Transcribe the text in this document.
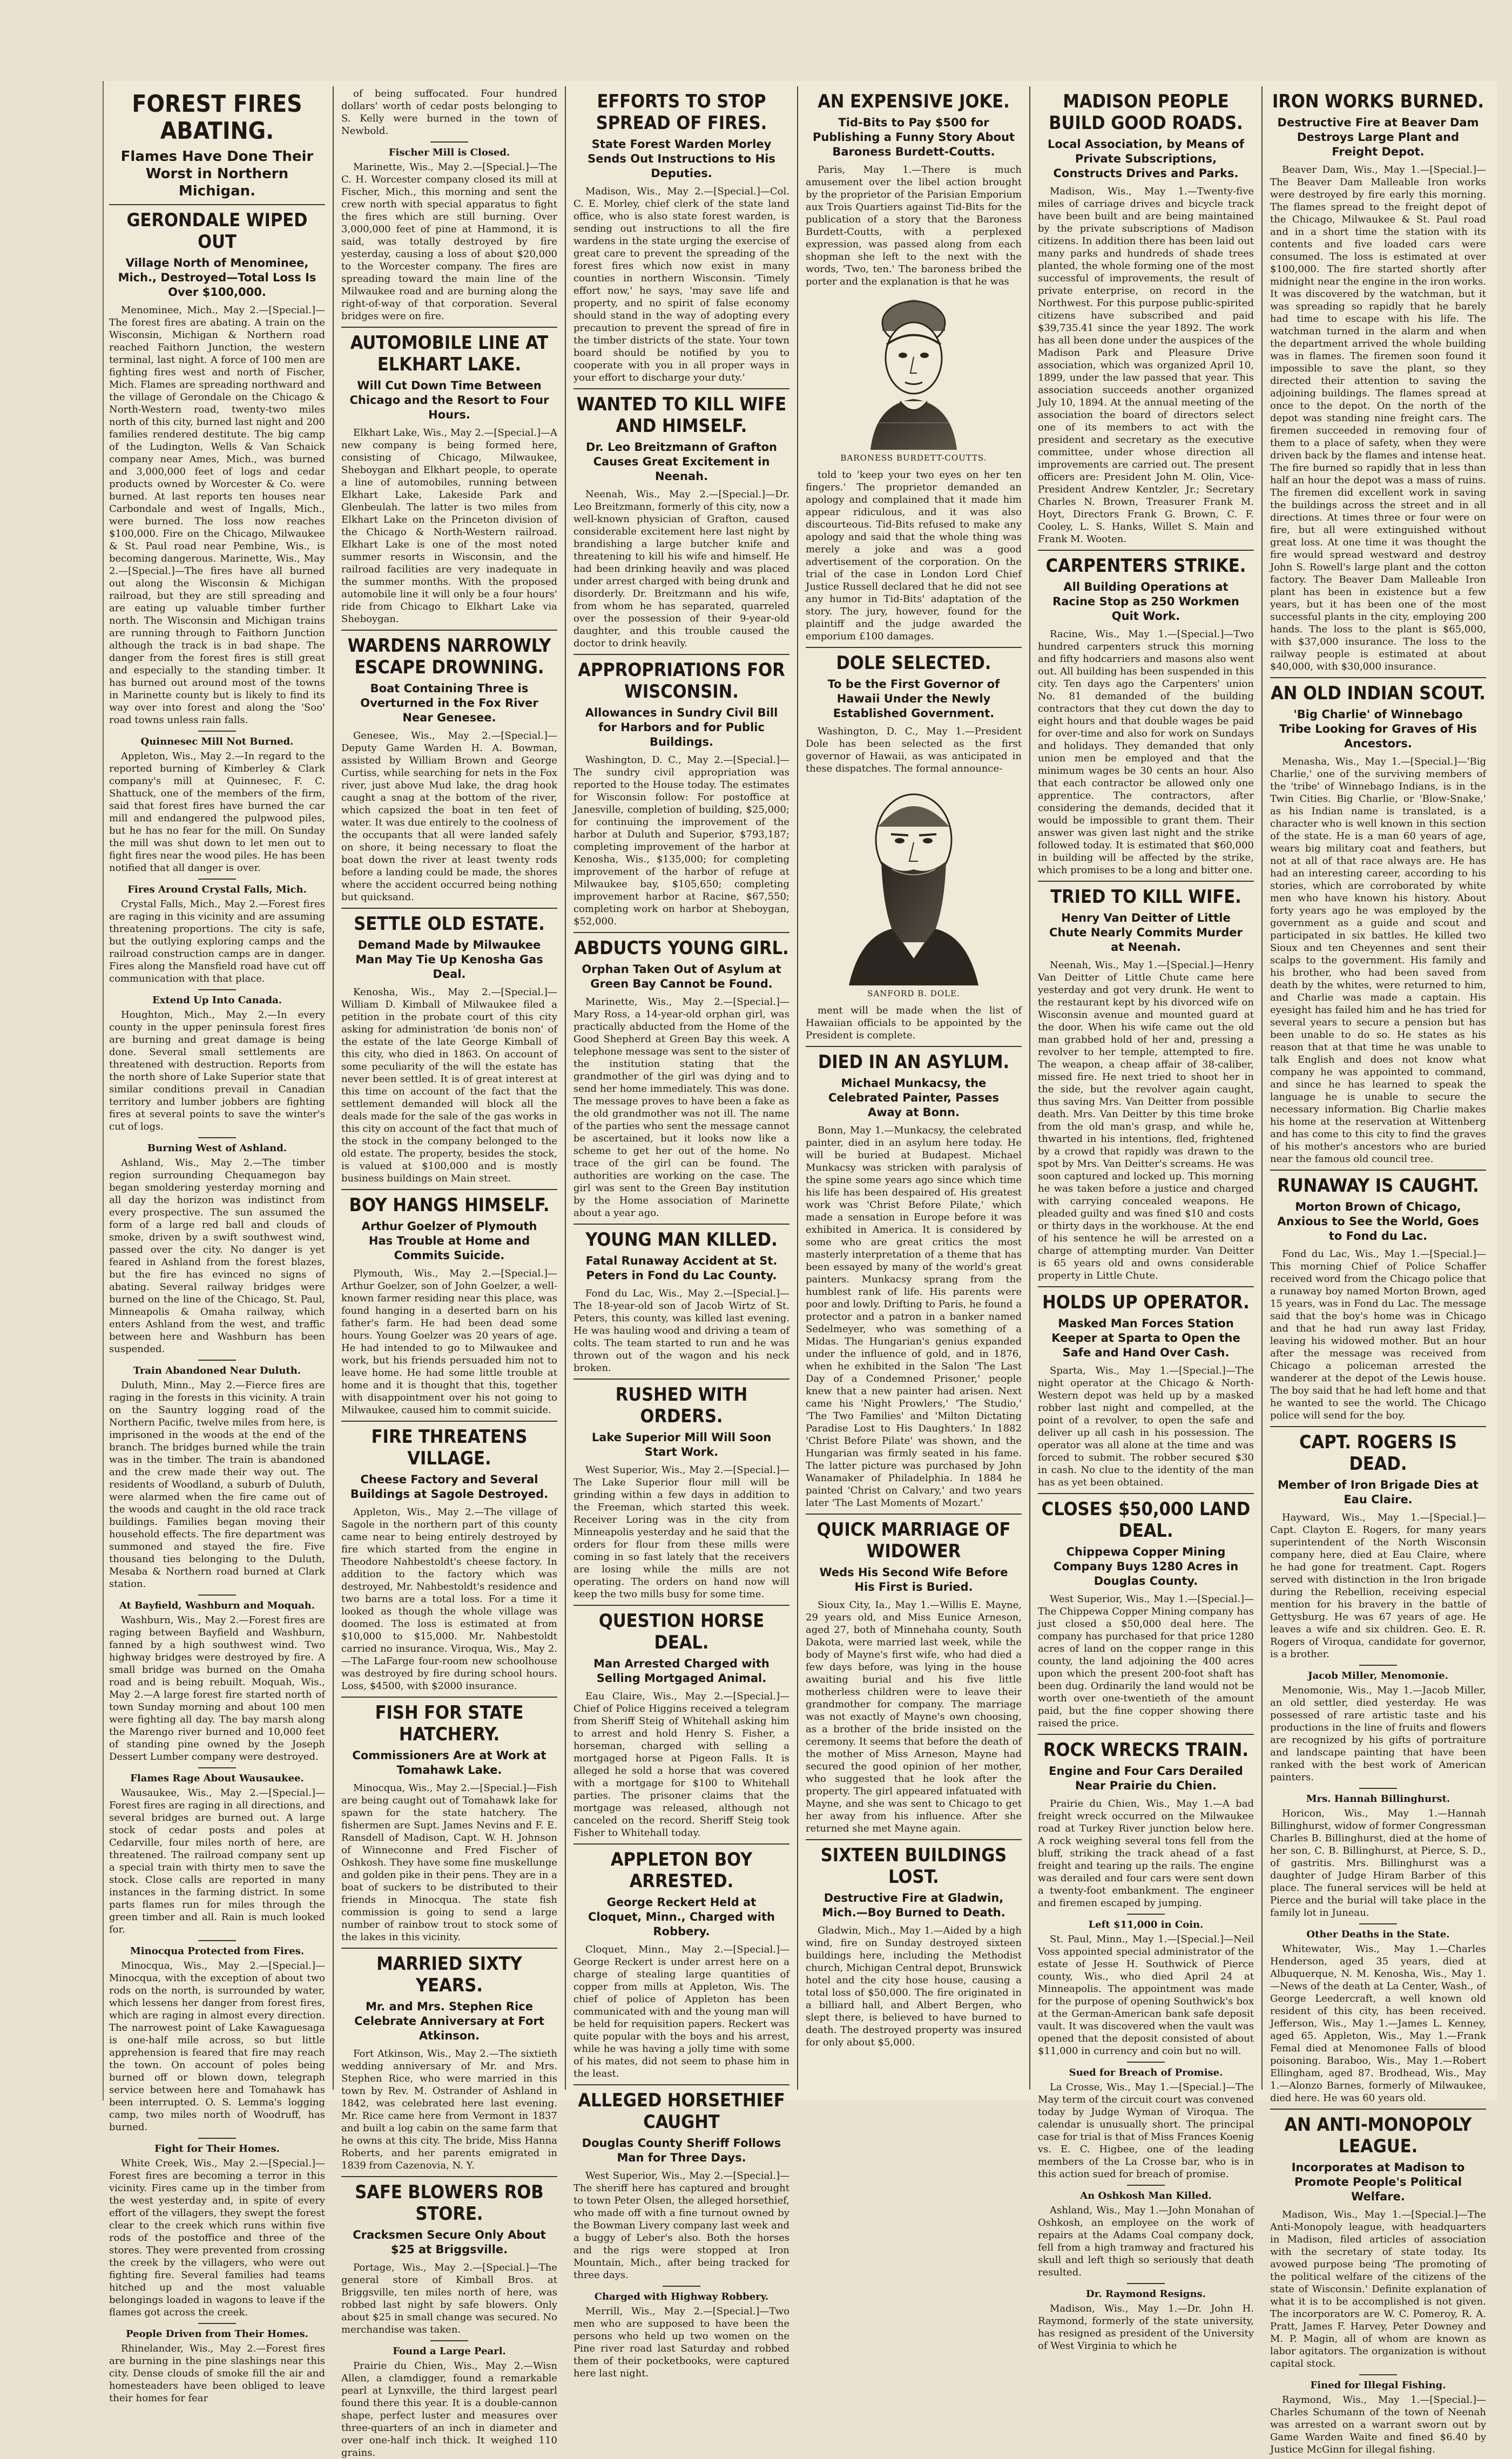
FOREST FIRES ABATING.
Flames Have Done Their Worst in Northern Michigan.
GERONDALE WIPED OUT
Village North of Menominee, Mich., Destroyed—Total Loss Is Over $100,000.

Menominee, Mich., May 2.—[Special.]—The forest fires are abating. A train on the Wisconsin, Michigan & Northern road reached Faithorn Junction, the western terminal, last night. A force of 100 men are fighting fires west and north of Fischer, Mich. Flames are spreading northward and the village of Gerondale on the Chicago & North-Western road, twenty-two miles north of this city, burned last night and 200 families rendered destitute. The big camp of the Ludington, Wells & Van Schaick company near Ames, Mich., was burned and 3,000,000 feet of logs and cedar products owned by Worcester & Co. were burned. At last reports ten houses near Carbondale and west of Ingalls, Mich., were burned. The loss now reaches $100,000. Fire on the Chicago, Milwaukee & St. Paul road near Pembine, Wis., is becoming dangerous. Marinette, Wis., May 2.—[Special.]—The fires have all burned out along the Wisconsin & Michigan railroad, but they are still spreading and are eating up valuable timber further north. The Wisconsin and Michigan trains are running through to Faithorn Junction although the track is in bad shape. The danger from the forest fires is still great and especially to the standing timber. It has burned out around most of the towns in Marinette county but is likely to find its way over into forest and along the 'Soo' road towns unless rain falls.

Quinnesec Mill Not Burned.

Appleton, Wis., May 2.—In regard to the reported burning of Kimberley & Clark company's mill at Quinnesec, F. C. Shattuck, one of the members of the firm, said that forest fires have burned the car mill and endangered the pulpwood piles, but he has no fear for the mill. On Sunday the mill was shut down to let men out to fight fires near the wood piles. He has been notified that all danger is over.

Fires Around Crystal Falls, Mich.

Crystal Falls, Mich., May 2.—Forest fires are raging in this vicinity and are assuming threatening proportions. The city is safe, but the outlying exploring camps and the railroad construction camps are in danger. Fires along the Mansfield road have cut off communication with that place.

Extend Up Into Canada.

Houghton, Mich., May 2.—In every county in the upper peninsula forest fires are burning and great damage is being done. Several small settlements are threatened with destruction. Reports from the north shore of Lake Superior state that similar conditions prevail in Canadian territory and lumber jobbers are fighting fires at several points to save the winter's cut of logs.

Burning West of Ashland.

Ashland, Wis., May 2.—The timber region surrounding Chequamegon bay began smoldering yesterday morning and all day the horizon was indistinct from every prospective. The sun assumed the form of a large red ball and clouds of smoke, driven by a swift southwest wind, passed over the city. No danger is yet feared in Ashland from the forest blazes, but the fire has evinced no signs of abating. Several railway bridges were burned on the line of the Chicago, St. Paul, Minneapolis & Omaha railway, which enters Ashland from the west, and traffic between here and Washburn has been suspended.

Train Abandoned Near Duluth.

Duluth, Minn., May 2.—Fierce fires are raging in the forests in this vicinity. A train on the Sauntry logging road of the Northern Pacific, twelve miles from here, is imprisoned in the woods at the end of the branch. The bridges burned while the train was in the timber. The train is abandoned and the crew made their way out. The residents of Woodland, a suburb of Duluth, were alarmed when the fire came out of the woods and caught in the old race track buildings. Families began moving their household effects. The fire department was summoned and stayed the fire. Five thousand ties belonging to the Duluth, Mesaba & Northern road burned at Clark station.

At Bayfield, Washburn and Moquah.

Washburn, Wis., May 2.—Forest fires are raging between Bayfield and Washburn, fanned by a high southwest wind. Two highway bridges were destroyed by fire. A small bridge was burned on the Omaha road and is being rebuilt. Moquah, Wis., May 2.—A large forest fire started north of town Sunday morning and about 100 men were fighting all day. The bay marsh along the Marengo river burned and 10,000 feet of standing pine owned by the Joseph Dessert Lumber company were destroyed.

Flames Rage About Wausaukee.

Wausaukee, Wis., May 2.—[Special.]—Forest fires are raging in all directions, and several bridges are burned out. A large stock of cedar posts and poles at Cedarville, four miles north of here, are threatened. The railroad company sent up a special train with thirty men to save the stock. Close calls are reported in many instances in the farming district. In some parts flames run for miles through the green timber and all. Rain is much looked for.

Minocqua Protected from Fires.

Minocqua, Wis., May 2.—[Special.]—Minocqua, with the exception of about two rods on the north, is surrounded by water, which lessens her danger from forest fires, which are raging in almost every direction. The narrowest point of Lake Kawaguesaga is one-half mile across, so but little apprehension is feared that fire may reach the town. On account of poles being burned off or blown down, telegraph service between here and Tomahawk has been interrupted. O. S. Lemma's logging camp, two miles north of Woodruff, has burned.

Fight for Their Homes.

White Creek, Wis., May 2.—[Special.]—Forest fires are becoming a terror in this vicinity. Fires came up in the timber from the west yesterday and, in spite of every effort of the villagers, they swept the forest clear to the creek which runs within five rods of the postoffice and three of the stores. They were prevented from crossing the creek by the villagers, who were out fighting fire. Several families had teams hitched up and the most valuable belongings loaded in wagons to leave if the flames got across the creek.

People Driven from Their Homes.

Rhinelander, Wis., May 2.—Forest fires are burning in the pine slashings near this city. Dense clouds of smoke fill the air and homesteaders have been obliged to leave their homes for fear

of being suffocated. Four hundred dollars' worth of cedar posts belonging to S. Kelly were burned in the town of Newbold.

Fischer Mill is Closed.

Marinette, Wis., May 2.—[Special.]—The C. H. Worcester company closed its mill at Fischer, Mich., this morning and sent the crew north with special apparatus to fight the fires which are still burning. Over 3,000,000 feet of pine at Hammond, it is said, was totally destroyed by fire yesterday, causing a loss of about $20,000 to the Worcester company. The fires are spreading toward the main line of the Milwaukee road and are burning along the right-of-way of that corporation. Several bridges were on fire.

AUTOMOBILE LINE AT ELKHART LAKE.
Will Cut Down Time Between Chicago and the Resort to Four Hours.

Elkhart Lake, Wis., May 2.—[Special.]—A new company is being formed here, consisting of Chicago, Milwaukee, Sheboygan and Elkhart people, to operate a line of automobiles, running between Elkhart Lake, Lakeside Park and Glenbeulah. The latter is two miles from Elkhart Lake on the Princeton division of the Chicago & North-Western railroad. Elkhart Lake is one of the most noted summer resorts in Wisconsin, and the railroad facilities are very inadequate in the summer months. With the proposed automobile line it will only be a four hours' ride from Chicago to Elkhart Lake via Sheboygan.

WARDENS NARROWLY ESCAPE DROWNING.
Boat Containing Three is Overturned in the Fox River Near Genesee.

Genesee, Wis., May 2.—[Special.]—Deputy Game Warden H. A. Bowman, assisted by William Brown and George Curtiss, while searching for nets in the Fox river, just above Mud lake, the drag hook caught a snag at the bottom of the river, which capsized the boat in ten feet of water. It was due entirely to the coolness of the occupants that all were landed safely on shore, it being necessary to float the boat down the river at least twenty rods before a landing could be made, the shores where the accident occurred being nothing but quicksand.

SETTLE OLD ESTATE.
Demand Made by Milwaukee Man May Tie Up Kenosha Gas Deal.

Kenosha, Wis., May 2.—[Special.]—William D. Kimball of Milwaukee filed a petition in the probate court of this city asking for administration 'de bonis non' of the estate of the late George Kimball of this city, who died in 1863. On account of some peculiarity of the will the estate has never been settled. It is of great interest at this time on account of the fact that the settlement demanded will block all the deals made for the sale of the gas works in this city on account of the fact that much of the stock in the company belonged to the old estate. The property, besides the stock, is valued at $100,000 and is mostly business buildings on Main street.

BOY HANGS HIMSELF.
Arthur Goelzer of Plymouth Has Trouble at Home and Commits Suicide.

Plymouth, Wis., May 2.—[Special.]—Arthur Goelzer, son of John Goelzer, a well-known farmer residing near this place, was found hanging in a deserted barn on his father's farm. He had been dead some hours. Young Goelzer was 20 years of age. He had intended to go to Milwaukee and work, but his friends persuaded him not to leave home. He had some little trouble at home and it is thought that this, together with disappointment over his not going to Milwaukee, caused him to commit suicide.

FIRE THREATENS VILLAGE.
Cheese Factory and Several Buildings at Sagole Destroyed.

Appleton, Wis., May 2.—The village of Sagole in the northern part of this county came near to being entirely destroyed by fire which started from the engine in Theodore Nahbestoldt's cheese factory. In addition to the factory which was destroyed, Mr. Nahbestoldt's residence and two barns are a total loss. For a time it looked as though the whole village was doomed. The loss is estimated at from $10,000 to $15,000. Mr. Nahbestoldt carried no insurance. Viroqua, Wis., May 2.—The LaFarge four-room new schoolhouse was destroyed by fire during school hours. Loss, $4500, with $2000 insurance.

FISH FOR STATE HATCHERY.
Commissioners Are at Work at Tomahawk Lake.

Minocqua, Wis., May 2.—[Special.]—Fish are being caught out of Tomahawk lake for spawn for the state hatchery. The fishermen are Supt. James Nevins and F. E. Ransdell of Madison, Capt. W. H. Johnson of Winneconne and Fred Fischer of Oshkosh. They have some fine muskellunge and golden pike in their pens. They are in a boat of suckers to be distributed to their friends in Minocqua. The state fish commission is going to send a large number of rainbow trout to stock some of the lakes in this vicinity.

MARRIED SIXTY YEARS.
Mr. and Mrs. Stephen Rice Celebrate Anniversary at Fort Atkinson.

Fort Atkinson, Wis., May 2.—The sixtieth wedding anniversary of Mr. and Mrs. Stephen Rice, who were married in this town by Rev. M. Ostrander of Ashland in 1842, was celebrated here last evening. Mr. Rice came here from Vermont in 1837 and built a log cabin on the same farm that he owns at this city. The bride, Miss Hanna Roberts, and her parents emigrated in 1839 from Cazenovia, N. Y.

SAFE BLOWERS ROB STORE.
Cracksmen Secure Only About $25 at Briggsville.

Portage, Wis., May 2.—[Special.]—The general store of Kimball Bros. at Briggsville, ten miles north of here, was robbed last night by safe blowers. Only about $25 in small change was secured. No merchandise was taken.

Found a Large Pearl.

Prairie du Chien, Wis., May 2.—Wisn Allen, a clamdigger, found a remarkable pearl at Lynxville, the third largest pearl found there this year. It is a double-cannon shape, perfect luster and measures over three-quarters of an inch in diameter and over one-half inch thick. It weighed 110 grains.

EFFORTS TO STOP SPREAD OF FIRES.
State Forest Warden Morley Sends Out Instructions to His Deputies.

Madison, Wis., May 2.—[Special.]—Col. C. E. Morley, chief clerk of the state land office, who is also state forest warden, is sending out instructions to all the fire wardens in the state urging the exercise of great care to prevent the spreading of the forest fires which now exist in many counties in northern Wisconsin. 'Timely effort now,' he says, 'may save life and property, and no spirit of false economy should stand in the way of adopting every precaution to prevent the spread of fire in the timber districts of the state. Your town board should be notified by you to cooperate with you in all proper ways in your effort to discharge your duty.'

WANTED TO KILL WIFE AND HIMSELF.
Dr. Leo Breitzmann of Grafton Causes Great Excitement in Neenah.

Neenah, Wis., May 2.—[Special.]—Dr. Leo Breitzmann, formerly of this city, now a well-known physician of Grafton, caused considerable excitement here last night by brandishing a large butcher knife and threatening to kill his wife and himself. He had been drinking heavily and was placed under arrest charged with being drunk and disorderly. Dr. Breitzmann and his wife, from whom he has separated, quarreled over the possession of their 9-year-old daughter, and this trouble caused the doctor to drink heavily.

APPROPRIATIONS FOR WISCONSIN.
Allowances in Sundry Civil Bill for Harbors and for Public Buildings.

Washington, D. C., May 2.—[Special.]—The sundry civil appropriation was reported to the House today. The estimates for Wisconsin follow: For postoffice at Janesville, completion of building, $25,000; for continuing the improvement of the harbor at Duluth and Superior, $793,187; completing improvement of the harbor at Kenosha, Wis., $135,000; for completing improvement of the harbor of refuge at Milwaukee bay, $105,650; completing improvement harbor at Racine, $67,550; completing work on harbor at Sheboygan, $52,000.

ABDUCTS YOUNG GIRL.
Orphan Taken Out of Asylum at Green Bay Cannot be Found.

Marinette, Wis., May 2.—[Special.]—Mary Ross, a 14-year-old orphan girl, was practically abducted from the Home of the Good Shepherd at Green Bay this week. A telephone message was sent to the sister of the institution stating that the grandmother of the girl was dying and to send her home immediately. This was done. The message proves to have been a fake as the old grandmother was not ill. The name of the parties who sent the message cannot be ascertained, but it looks now like a scheme to get her out of the home. No trace of the girl can be found. The authorities are working on the case. The girl was sent to the Green Bay institution by the Home association of Marinette about a year ago.

YOUNG MAN KILLED.
Fatal Runaway Accident at St. Peters in Fond du Lac County.

Fond du Lac, Wis., May 2.—[Special.]—The 18-year-old son of Jacob Wirtz of St. Peters, this county, was killed last evening. He was hauling wood and driving a team of colts. The team started to run and he was thrown out of the wagon and his neck broken.

RUSHED WITH ORDERS.
Lake Superior Mill Will Soon Start Work.

West Superior, Wis., May 2.—[Special.]—The Lake Superior flour mill will be grinding within a few days in addition to the Freeman, which started this week. Receiver Loring was in the city from Minneapolis yesterday and he said that the orders for flour from these mills were coming in so fast lately that the receivers are losing while the mills are not operating. The orders on hand now will keep the two mills busy for some time.

QUESTION HORSE DEAL.
Man Arrested Charged with Selling Mortgaged Animal.

Eau Claire, Wis., May 2.—[Special.]—Chief of Police Higgins received a telegram from Sheriff Steig of Whitehall asking him to arrest and hold Henry S. Fisher, a horseman, charged with selling a mortgaged horse at Pigeon Falls. It is alleged he sold a horse that was covered with a mortgage for $100 to Whitehall parties. The prisoner claims that the mortgage was released, although not canceled on the record. Sheriff Steig took Fisher to Whitehall today.

APPLETON BOY ARRESTED.
George Reckert Held at Cloquet, Minn., Charged with Robbery.

Cloquet, Minn., May 2.—[Special.]—George Reckert is under arrest here on a charge of stealing large quantities of copper from mills at Appleton, Wis. The chief of police of Appleton has been communicated with and the young man will be held for requisition papers. Reckert was quite popular with the boys and his arrest, while he was having a jolly time with some of his mates, did not seem to phase him in the least.

ALLEGED HORSETHIEF CAUGHT
Douglas County Sheriff Follows Man for Three Days.

West Superior, Wis., May 2.—[Special.]—The sheriff here has captured and brought to town Peter Olsen, the alleged horsethief, who made off with a fine turnout owned by the Bowman Livery company last week and a buggy of Leber's also. Both the horses and the rigs were stopped at Iron Mountain, Mich., after being tracked for three days.

Charged with Highway Robbery.

Merrill, Wis., May 2.—[Special.]—Two men who are supposed to have been the persons who held up two women on the Pine river road last Saturday and robbed them of their pocketbooks, were captured here last night.

AN EXPENSIVE JOKE.
Tid-Bits to Pay $500 for Publishing a Funny Story About Baroness Burdett-Coutts.

Paris, May 1.—There is much amusement over the libel action brought by the proprietor of the Parisian Emporium aux Trois Quartiers against Tid-Bits for the publication of a story that the Baroness Burdett-Coutts, with a perplexed expression, was passed along from each shopman she left to the next with the words, 'Two, ten.' The baroness bribed the porter and the explanation is that he was

BARONESS BURDETT-COUTTS.

told to 'keep your two eyes on her ten fingers.' The proprietor demanded an apology and complained that it made him appear ridiculous, and it was also discourteous. Tid-Bits refused to make any apology and said that the whole thing was merely a joke and was a good advertisement of the corporation. On the trial of the case in London Lord Chief Justice Russell declared that he did not see any humor in Tid-Bits' adaptation of the story. The jury, however, found for the plaintiff and the judge awarded the emporium £100 damages.

DOLE SELECTED.
To be the First Governor of Hawaii Under the Newly Established Government.

Washington, D. C., May 1.—President Dole has been selected as the first governor of Hawaii, as was anticipated in these dispatches. The formal announce-

SANFORD B. DOLE.

ment will be made when the list of Hawaiian officials to be appointed by the President is complete.

DIED IN AN ASYLUM.
Michael Munkacsy, the Celebrated Painter, Passes Away at Bonn.

Bonn, May 1.—Munkacsy, the celebrated painter, died in an asylum here today. He will be buried at Budapest. Michael Munkacsy was stricken with paralysis of the spine some years ago since which time his life has been despaired of. His greatest work was 'Christ Before Pilate,' which made a sensation in Europe before it was exhibited in America. It is considered by some who are great critics the most masterly interpretation of a theme that has been essayed by many of the world's great painters. Munkacsy sprang from the humblest rank of life. His parents were poor and lowly. Drifting to Paris, he found a protector and a patron in a banker named Sedelmeyer, who was something of a Midas. The Hungarian's genius expanded under the influence of gold, and in 1876, when he exhibited in the Salon 'The Last Day of a Condemned Prisoner,' people knew that a new painter had arisen. Next came his 'Night Prowlers,' 'The Studio,' 'The Two Families' and 'Milton Dictating Paradise Lost to His Daughters.' In 1882 'Christ Before Pilate' was shown, and the Hungarian was firmly seated in his fame. The latter picture was purchased by John Wanamaker of Philadelphia. In 1884 he painted 'Christ on Calvary,' and two years later 'The Last Moments of Mozart.'

QUICK MARRIAGE OF WIDOWER
Weds His Second Wife Before His First is Buried.

Sioux City, Ia., May 1.—Willis E. Mayne, 29 years old, and Miss Eunice Arneson, aged 27, both of Minnehaha county, South Dakota, were married last week, while the body of Mayne's first wife, who had died a few days before, was lying in the house awaiting burial and his five little motherless children were to leave their grandmother for company. The marriage was not exactly of Mayne's own choosing, as a brother of the bride insisted on the ceremony. It seems that before the death of the mother of Miss Arneson, Mayne had secured the good opinion of her mother, who suggested that he look after the property. The girl appeared infatuated with Mayne, and she was sent to Chicago to get her away from his influence. After she returned she met Mayne again.

SIXTEEN BUILDINGS LOST.
Destructive Fire at Gladwin, Mich.—Boy Burned to Death.

Gladwin, Mich., May 1.—Aided by a high wind, fire on Sunday destroyed sixteen buildings here, including the Methodist church, Michigan Central depot, Brunswick hotel and the city hose house, causing a total loss of $50,000. The fire originated in a billiard hall, and Albert Bergen, who slept there, is believed to have burned to death. The destroyed property was insured for only about $5,000.

MADISON PEOPLE BUILD GOOD ROADS.
Local Association, by Means of Private Subscriptions, Constructs Drives and Parks.

Madison, Wis., May 1.—Twenty-five miles of carriage drives and bicycle track have been built and are being maintained by the private subscriptions of Madison citizens. In addition there has been laid out many parks and hundreds of shade trees planted, the whole forming one of the most successful of improvements, the result of private enterprise, on record in the Northwest. For this purpose public-spirited citizens have subscribed and paid $39,735.41 since the year 1892. The work has all been done under the auspices of the Madison Park and Pleasure Drive association, which was organized April 10, 1899, under the law passed that year. This association succeeds another organized July 10, 1894. At the annual meeting of the association the board of directors select one of its members to act with the president and secretary as the executive committee, under whose direction all improvements are carried out. The present officers are: President John M. Olin, Vice-President Andrew Kentzler, Jr.; Secretary Charles N. Brown, Treasurer Frank M. Hoyt, Directors Frank G. Brown, C. F. Cooley, L. S. Hanks, Willet S. Main and Frank M. Wooten.

CARPENTERS STRIKE.
All Building Operations at Racine Stop as 250 Workmen Quit Work.

Racine, Wis., May 1.—[Special.]—Two hundred carpenters struck this morning and fifty hodcarriers and masons also went out. All building has been suspended in this city. Ten days ago the Carpenters' union No. 81 demanded of the building contractors that they cut down the day to eight hours and that double wages be paid for over-time and also for work on Sundays and holidays. They demanded that only union men be employed and that the minimum wages be 30 cents an hour. Also that each contractor be allowed only one apprentice. The contractors, after considering the demands, decided that it would be impossible to grant them. Their answer was given last night and the strike followed today. It is estimated that $60,000 in building will be affected by the strike, which promises to be a long and bitter one.

TRIED TO KILL WIFE.
Henry Van Deitter of Little Chute Nearly Commits Murder at Neenah.

Neenah, Wis., May 1.—[Special.]—Henry Van Deitter of Little Chute came here yesterday and got very drunk. He went to the restaurant kept by his divorced wife on Wisconsin avenue and mounted guard at the door. When his wife came out the old man grabbed hold of her and, pressing a revolver to her temple, attempted to fire. The weapon, a cheap affair of 38-caliber, missed fire. He next tried to shoot her in the side, but the revolver again caught, thus saving Mrs. Van Deitter from possible death. Mrs. Van Deitter by this time broke from the old man's grasp, and while he, thwarted in his intentions, fled, frightened by a crowd that rapidly was drawn to the spot by Mrs. Van Deitter's screams. He was soon captured and locked up. This morning he was taken before a justice and charged with carrying concealed weapons. He pleaded guilty and was fined $10 and costs or thirty days in the workhouse. At the end of his sentence he will be arrested on a charge of attempting murder. Van Deitter is 65 years old and owns considerable property in Little Chute.

HOLDS UP OPERATOR.
Masked Man Forces Station Keeper at Sparta to Open the Safe and Hand Over Cash.

Sparta, Wis., May 1.—[Special.]—The night operator at the Chicago & North-Western depot was held up by a masked robber last night and compelled, at the point of a revolver, to open the safe and deliver up all cash in his possession. The operator was all alone at the time and was forced to submit. The robber secured $30 in cash. No clue to the identity of the man has as yet been obtained.

CLOSES $50,000 LAND DEAL.
Chippewa Copper Mining Company Buys 1280 Acres in Douglas County.

West Superior, Wis., May 1.—[Special.]—The Chippewa Copper Mining company has just closed a $50,000 deal here. The company has purchased for that price 1280 acres of land on the copper range in this county, the land adjoining the 400 acres upon which the present 200-foot shaft has been dug. Ordinarily the land would not be worth over one-twentieth of the amount paid, but the fine copper showing there raised the price.

ROCK WRECKS TRAIN.
Engine and Four Cars Derailed Near Prairie du Chien.

Prairie du Chien, Wis., May 1.—A bad freight wreck occurred on the Milwaukee road at Turkey River junction below here. A rock weighing several tons fell from the bluff, striking the track ahead of a fast freight and tearing up the rails. The engine was derailed and four cars were sent down a twenty-foot embankment. The engineer and firemen escaped by jumping.

Left $11,000 in Coin.

St. Paul, Minn., May 1.—[Special.]—Neil Voss appointed special administrator of the estate of Jesse H. Southwick of Pierce county, Wis., who died April 24 at Minneapolis. The appointment was made for the purpose of opening Southwick's box at the German-American bank safe deposit vault. It was discovered when the vault was opened that the deposit consisted of about $11,000 in currency and coin but no will.

Sued for Breach of Promise.

La Crosse, Wis., May 1.—[Special.]—The May term of the circuit court was convened today by Judge Wyman of Viroqua. The calendar is unusually short. The principal case for trial is that of Miss Frances Koenig vs. E. C. Higbee, one of the leading members of the La Crosse bar, who is in this action sued for breach of promise.

An Oshkosh Man Killed.

Ashland, Wis., May 1.—John Monahan of Oshkosh, an employee on the work of repairs at the Adams Coal company dock, fell from a high tramway and fractured his skull and left thigh so seriously that death resulted.

Dr. Raymond Resigns.

Madison, Wis., May 1.—Dr. John H. Raymond, formerly of the state university, has resigned as president of the University of West Virginia to which he

IRON WORKS BURNED.
Destructive Fire at Beaver Dam Destroys Large Plant and Freight Depot.

Beaver Dam, Wis., May 1.—[Special.]—The Beaver Dam Malleable Iron works were destroyed by fire early this morning. The flames spread to the freight depot of the Chicago, Milwaukee & St. Paul road and in a short time the station with its contents and five loaded cars were consumed. The loss is estimated at over $100,000. The fire started shortly after midnight near the engine in the iron works. It was discovered by the watchman, but it was spreading so rapidly that he barely had time to escape with his life. The watchman turned in the alarm and when the department arrived the whole building was in flames. The firemen soon found it impossible to save the plant, so they directed their attention to saving the adjoining buildings. The flames spread at once to the depot. On the north of the depot was standing nine freight cars. The firemen succeeded in removing four of them to a place of safety, when they were driven back by the flames and intense heat. The fire burned so rapidly that in less than half an hour the depot was a mass of ruins. The firemen did excellent work in saving the buildings across the street and in all directions. At times three or four were on fire, but all were extinguished without great loss. At one time it was thought the fire would spread westward and destroy John S. Rowell's large plant and the cotton factory. The Beaver Dam Malleable Iron plant has been in existence but a few years, but it has been one of the most successful plants in the city, employing 200 hands. The loss to the plant is $65,000, with $37,000 insurance. The loss to the railway people is estimated at about $40,000, with $30,000 insurance.

AN OLD INDIAN SCOUT.
'Big Charlie' of Winnebago Tribe Looking for Graves of His Ancestors.

Menasha, Wis., May 1.—[Special.]—'Big Charlie,' one of the surviving members of the 'tribe' of Winnebago Indians, is in the Twin Cities. Big Charlie, or 'Blow-Snake,' as his Indian name is translated, is a character who is well known in this section of the state. He is a man 60 years of age, wears big military coat and feathers, but not at all of that race always are. He has had an interesting career, according to his stories, which are corroborated by white men who have known his history. About forty years ago he was employed by the government as a guide and scout and participated in six battles. He killed two Sioux and ten Cheyennes and sent their scalps to the government. His family and his brother, who had been saved from death by the whites, were returned to him, and Charlie was made a captain. His eyesight has failed him and he has tried for several years to secure a pension but has been unable to do so. He states as his reason that at that time he was unable to talk English and does not know what company he was appointed to command, and since he has learned to speak the language he is unable to secure the necessary information. Big Charlie makes his home at the reservation at Wittenberg and has come to this city to find the graves of his mother's ancestors who are buried near the famous old council tree.

RUNAWAY IS CAUGHT.
Morton Brown of Chicago, Anxious to See the World, Goes to Fond du Lac.

Fond du Lac, Wis., May 1.—[Special.]—This morning Chief of Police Schaffer received word from the Chicago police that a runaway boy named Morton Brown, aged 15 years, was in Fond du Lac. The message said that the boy's home was in Chicago and that he had run away last Friday, leaving his widowed mother. But an hour after the message was received from Chicago a policeman arrested the wanderer at the depot of the Lewis house. The boy said that he had left home and that he wanted to see the world. The Chicago police will send for the boy.

CAPT. ROGERS IS DEAD.
Member of Iron Brigade Dies at Eau Claire.

Hayward, Wis., May 1.—[Special.]—Capt. Clayton E. Rogers, for many years superintendent of the North Wisconsin company here, died at Eau Claire, where he had gone for treatment. Capt. Rogers served with distinction in the Iron brigade during the Rebellion, receiving especial mention for his bravery in the battle of Gettysburg. He was 67 years of age. He leaves a wife and six children. Geo. E. R. Rogers of Viroqua, candidate for governor, is a brother.

Jacob Miller, Menomonie.

Menomonie, Wis., May 1.—Jacob Miller, an old settler, died yesterday. He was possessed of rare artistic taste and his productions in the line of fruits and flowers are recognized by his gifts of portraiture and landscape painting that have been ranked with the best work of American painters.

Mrs. Hannah Billinghurst.

Horicon, Wis., May 1.—Hannah Billinghurst, widow of former Congressman Charles B. Billinghurst, died at the home of her son, C. B. Billinghurst, at Pierce, S. D., of gastritis. Mrs. Billinghurst was a daughter of Judge Hiram Barber of this place. The funeral services will be held at Pierce and the burial will take place in the family lot in Juneau.

Other Deaths in the State.

Whitewater, Wis., May 1.—Charles Henderson, aged 35 years, died at Albuquerque, N. M. Kenosha, Wis., May 1.—News of the death at La Center, Wash., of George Leedercraft, a well known old resident of this city, has been received. Jefferson, Wis., May 1.—James L. Kenney, aged 65. Appleton, Wis., May 1.—Frank Femal died at Menomonee Falls of blood poisoning. Baraboo, Wis., May 1.—Robert Ellingham, aged 87. Brodhead, Wis., May 1.—Alonzo Barnes, formerly of Milwaukee, died here. He was 60 years old.

AN ANTI-MONOPOLY LEAGUE.
Incorporates at Madison to Promote People's Political Welfare.

Madison, Wis., May 1.—[Special.]—The Anti-Monopoly league, with headquarters in Madison, filed articles of association with the secretary of state today. Its avowed purpose being 'The promoting of the political welfare of the citizens of the state of Wisconsin.' Definite explanation of what it is to be accomplished is not given. The incorporators are W. C. Pomeroy, R. A. Pratt, James F. Harvey, Peter Downey and M. P. Magin, all of whom are known as labor agitators. The organization is without capital stock.

Fined for Illegal Fishing.

Raymond, Wis., May 1.—[Special.]—Charles Schumann of the town of Neenah was arrested on a warrant sworn out by Game Warden Waite and fined $6.40 by Justice McGinn for illegal fishing.
